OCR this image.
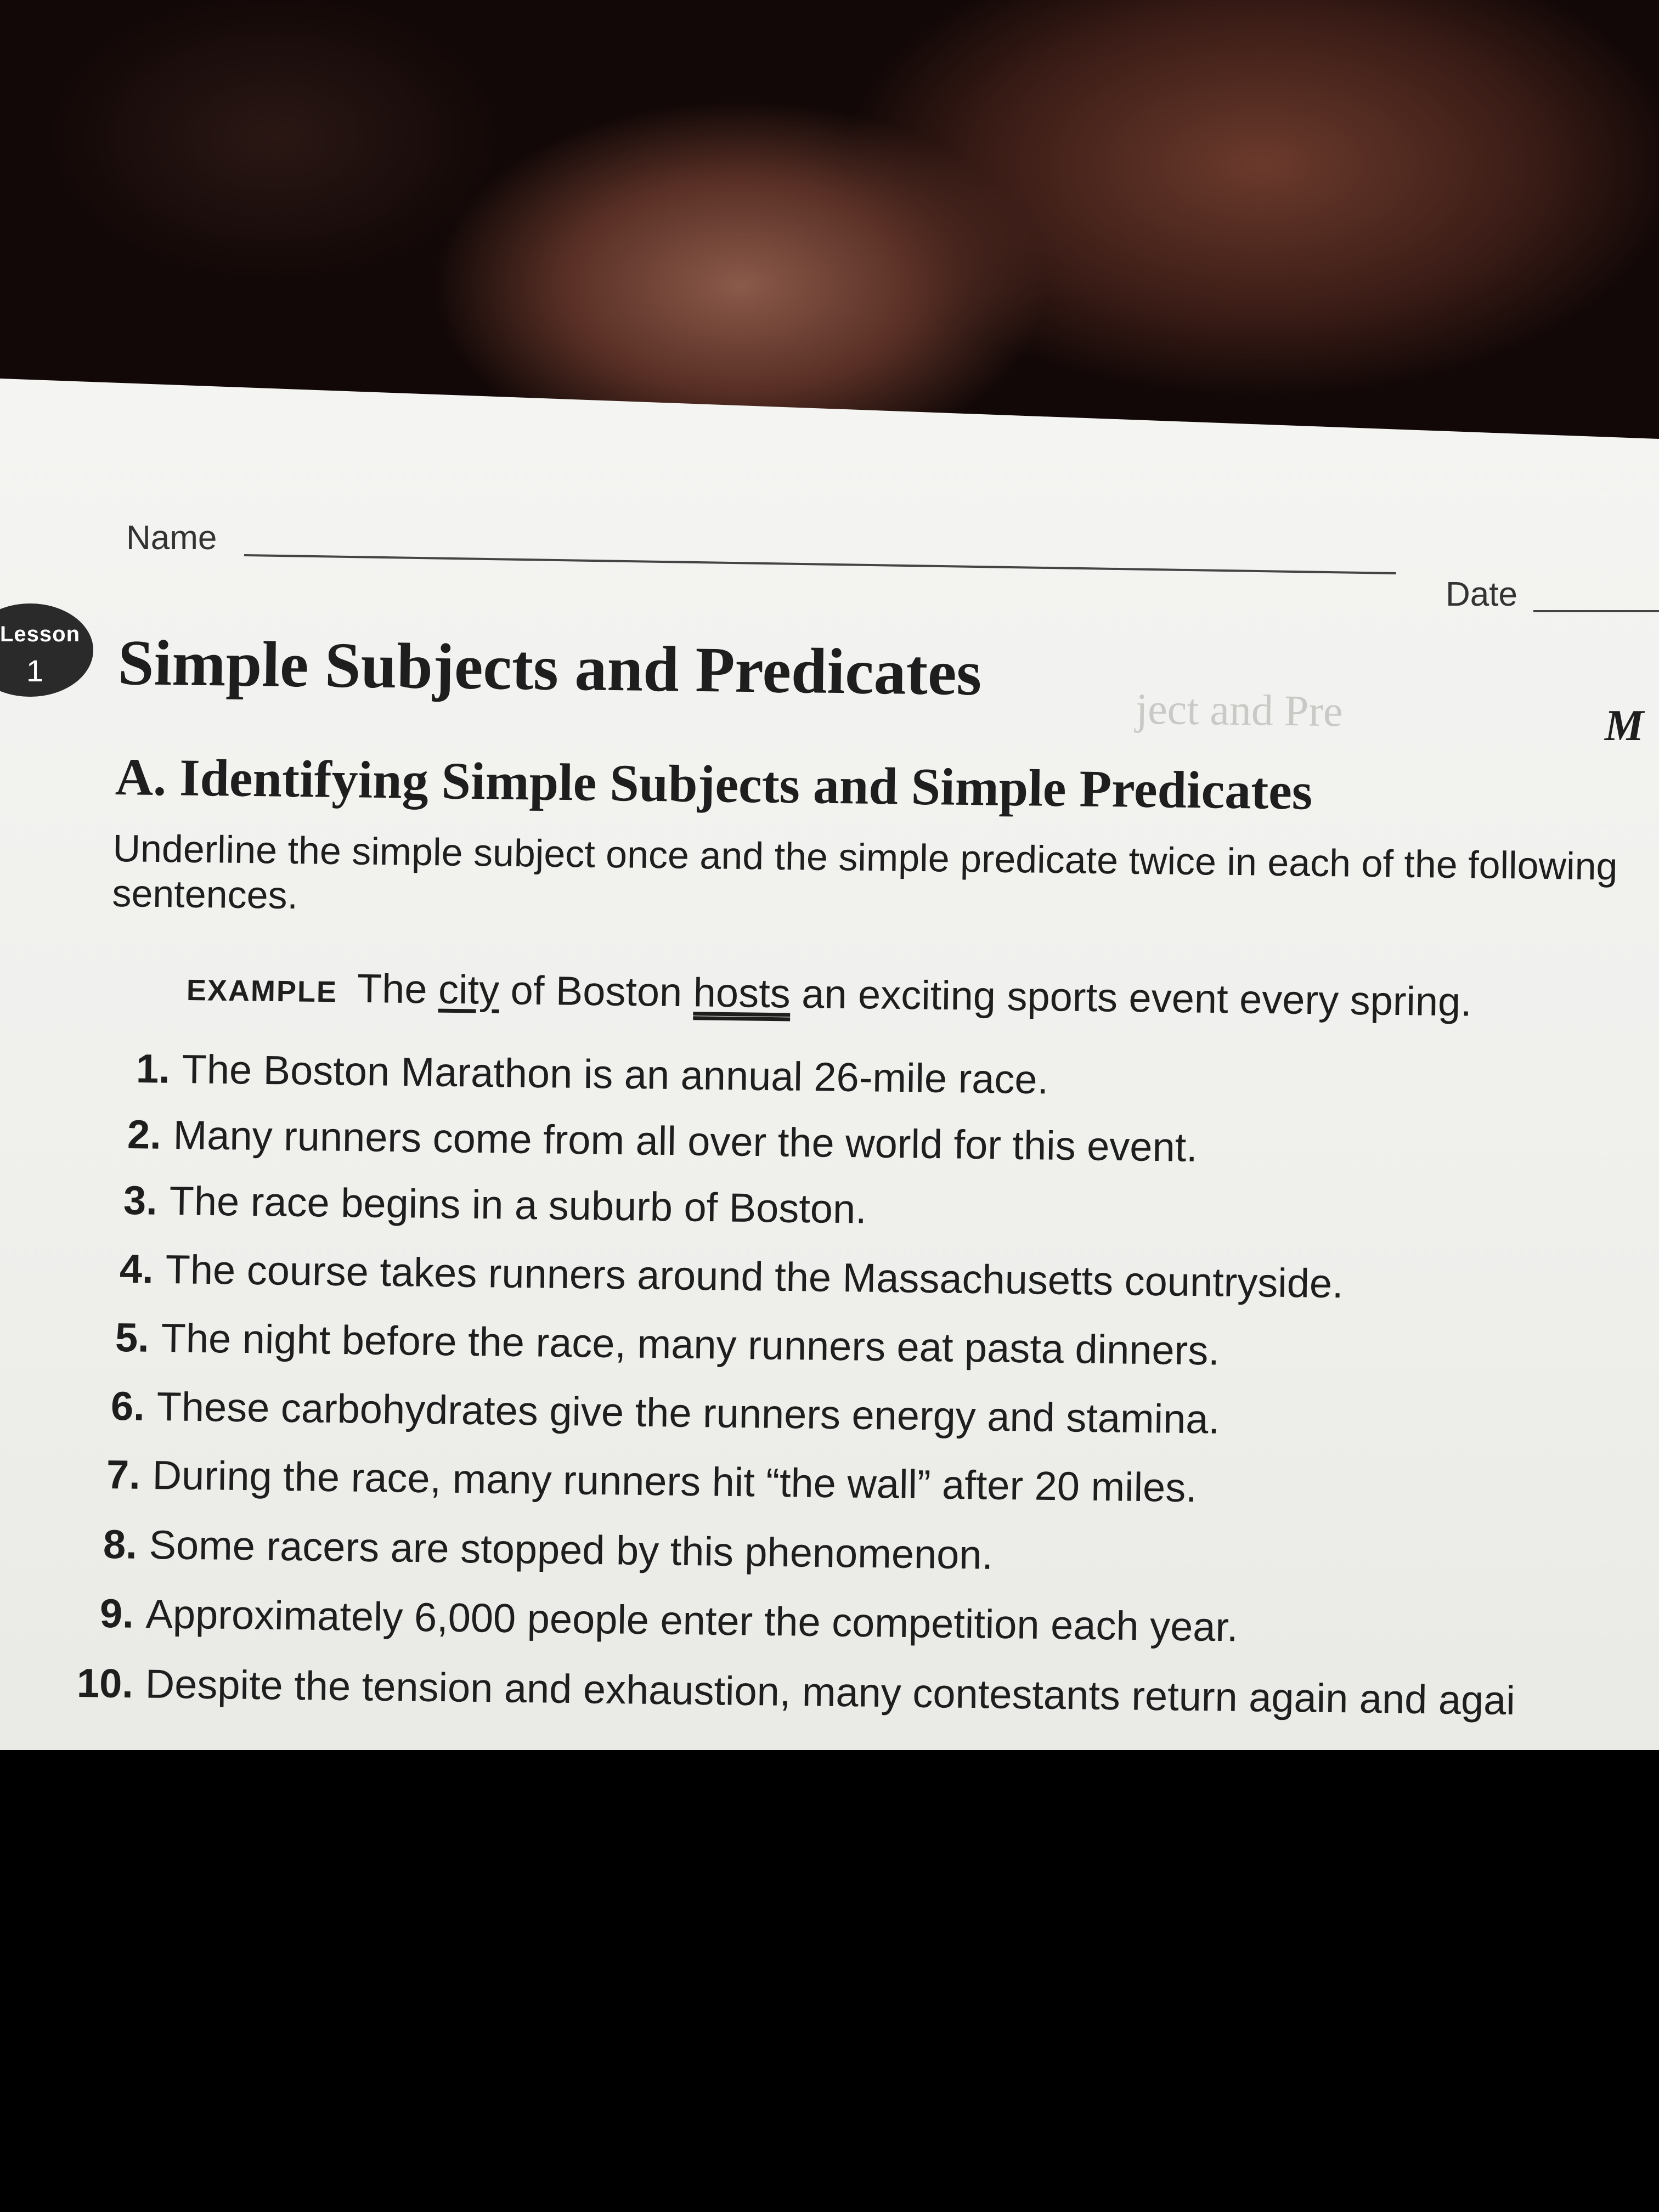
Name
Date
Lesson
1 Simple Subjects and Predicates
ject and Pre	M
A. Identifying Simple Subjects and Simple Predicates
Underline the simple subject once and the simple predicate twice in each of the following sentences.
EXAMPLE The city of Boston hosts an exciting sports event every spring.
1. The Boston Marathon is an annual 26-mile race.
2. Many runners come from all over the world for this event.
3. The race begins in a suburb of Boston.
4. The course takes runners around the Massachusetts countryside.
5. The night before the race, many runners eat pasta dinners.
6. These carbohydrates give the runners energy and stamina.
7. During the race, many runners hit “the wall” after 20 miles.
8. Some racers are stopped by this phenomenon.
9. Approximately 6,000 people enter the competition each year.
10. Despite the tension and exhaustion, many contestants return again and agai
